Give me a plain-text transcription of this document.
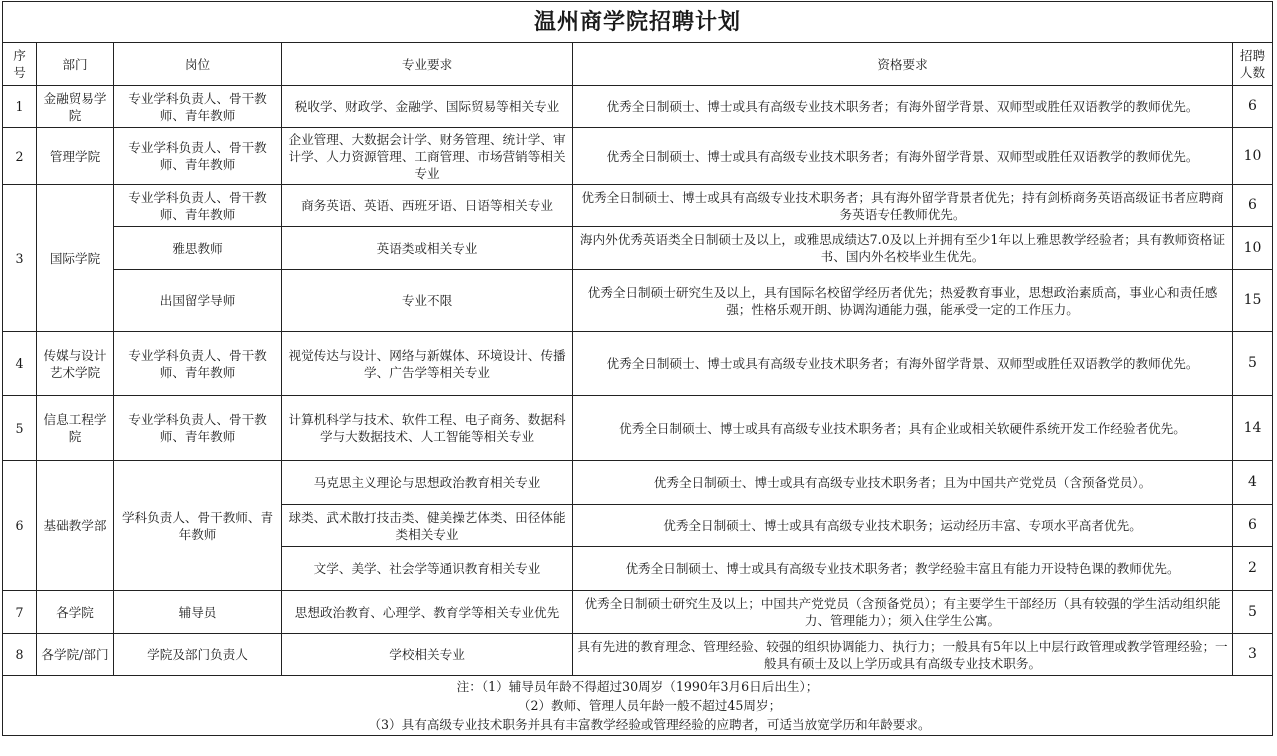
温州商学院招聘计划					
序号	部门	岗位	专业要求	资格要求	招聘人数
1	金融贸易学院	专业学科负责人、骨干教师、青年教师	税收学、财政学、金融学、国际贸易等相关专业	优秀全日制硕士、博士或具有高级专业技术职务者；有海外留学背景、双师型或胜任双语教学的教师优先。	6
2	管理学院	专业学科负责人、骨干教师、青年教师	企业管理、大数据会计学、财务管理、统计学、审计学、人力资源管理、工商管理、市场营销等相关专业	优秀全日制硕士、博士或具有高级专业技术职务者；有海外留学背景、双师型或胜任双语教学的教师优先。	10
3	国际学院	专业学科负责人、骨干教师、青年教师	商务英语、英语、西班牙语、日语等相关专业	优秀全日制硕士、博士或具有高级专业技术职务者；具有海外留学背景者优先；持有剑桥商务英语高级证书者应聘商务英语专任教师优先。	6
		雅思教师	英语类或相关专业	海内外优秀英语类全日制硕士及以上，或雅思成绩达7.0及以上并拥有至少1年以上雅思教学经验者；具有教师资格证书、国内外名校毕业生优先。	10
		出国留学导师	专业不限	优秀全日制硕士研究生及以上，具有国际名校留学经历者优先；热爱教育事业，思想政治素质高，事业心和责任感强；性格乐观开朗、协调沟通能力强，能承受一定的工作压力。	15
4	传媒与设计艺术学院	专业学科负责人、骨干教师、青年教师	视觉传达与设计、网络与新媒体、环境设计、传播学、广告学等相关专业	优秀全日制硕士、博士或具有高级专业技术职务者；有海外留学背景、双师型或胜任双语教学的教师优先。	5
5	信息工程学院	专业学科负责人、骨干教师、青年教师	计算机科学与技术、软件工程、电子商务、数据科学与大数据技术、人工智能等相关专业	优秀全日制硕士、博士或具有高级专业技术职务者；具有企业或相关软硬件系统开发工作经验者优先。	14
6	基础教学部	学科负责人、骨干教师、青年教师	马克思主义理论与思想政治教育相关专业	优秀全日制硕士、博士或具有高级专业技术职务者；且为中国共产党党员（含预备党员）。	4
			球类、武术散打技击类、健美操艺体类、田径体能类相关专业	优秀全日制硕士、博士或具有高级专业技术职务；运动经历丰富、专项水平高者优先。	6
			文学、美学、社会学等通识教育相关专业	优秀全日制硕士、博士或具有高级专业技术职务者；教学经验丰富且有能力开设特色课的教师优先。	2
7	各学院	辅导员	思想政治教育、心理学、教育学等相关专业优先	优秀全日制硕士研究生及以上；中国共产党党员（含预备党员）；有主要学生干部经历（具有较强的学生活动组织能力、管理能力）；须入住学生公寓。	5
8	各学院/部门	学院及部门负责人	学校相关专业	具有先进的教育理念、管理经验、较强的组织协调能力、执行力；一般具有5年以上中层行政管理或教学管理经验；一般具有硕士及以上学历或具有高级专业技术职务。	3

注：（1）辅导员年龄不得超过30周岁（1990年3月6日后出生）；
（2）教师、管理人员年龄一般不超过45周岁；
（3）具有高级专业技术职务并具有丰富教学经验或管理经验的应聘者，可适当放宽学历和年龄要求。					
